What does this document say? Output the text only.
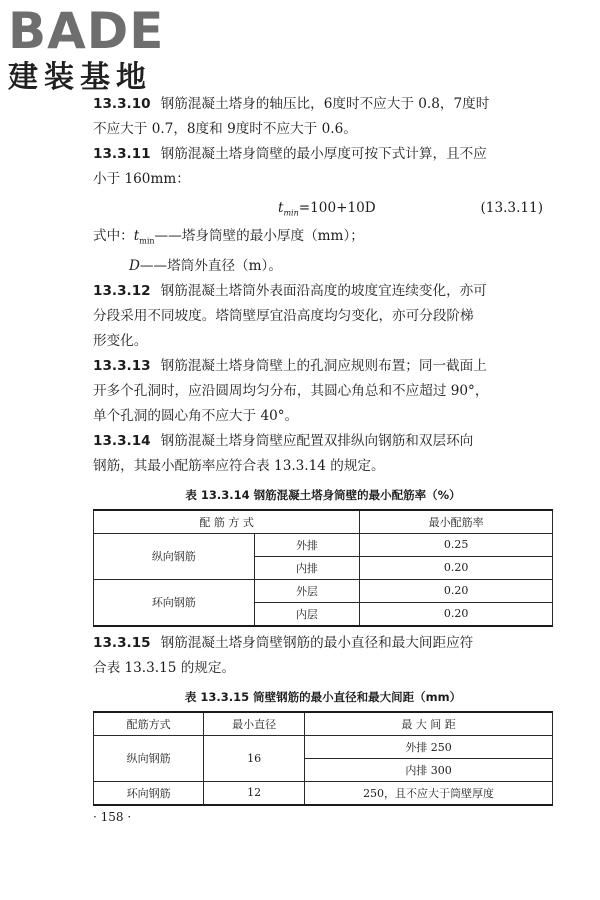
BADE
建装基地

13.3.10 钢筋混凝土塔身的轴压比，6度时不应大于 0.8，7度时
不应大于 0.7，8度和 9度时不应大于 0.6。

13.3.11 钢筋混凝土塔身筒壁的最小厚度可按下式计算，且不应
小于 160mm：

$t_{min}=100+10D$	(13.3.11)
式中：$t_{min}——$塔身筒壁的最小厚度（mm）；
D——塔筒外直径（m）。

13.3.12 钢筋混凝土塔筒外表面沿高度的坡度宜连续变化，亦可
分段采用不同坡度。塔筒壁厚宜沿高度均匀变化，亦可分段阶梯
形变化。

13.3.13 钢筋混凝土塔身筒壁上的孔洞应规则布置；同一截面上
开多个孔洞时，应沿圆周均匀分布，其圆心角总和不应超过 90°，
单个孔洞的圆心角不应大于 40°。

13.3.14 钢筋混凝土塔身筒壁应配置双排纵向钢筋和双层环向
钢筋，其最小配筋率应符合表 13.3.14 的规定。

表 13.3.14 钢筋混凝土塔身筒壁的最小配筋率（%）
配 筋 方 式		最小配筋率
纵向钢筋	外排	0.25
	内排	0.20
环向钢筋	外层	0.20
	内层	0.20

13.3.15 钢筋混凝土塔身筒壁钢筋的最小直径和最大间距应符
合表 13.3.15 的规定。

表 13.3.15 筒壁钢筋的最小直径和最大间距（mm）
配筋方式	最小直径	最 大 间 距
纵向钢筋	16	外排 250
		内排 300
环向钢筋	12	250，且不应大于筒壁厚度
· 158 ·
